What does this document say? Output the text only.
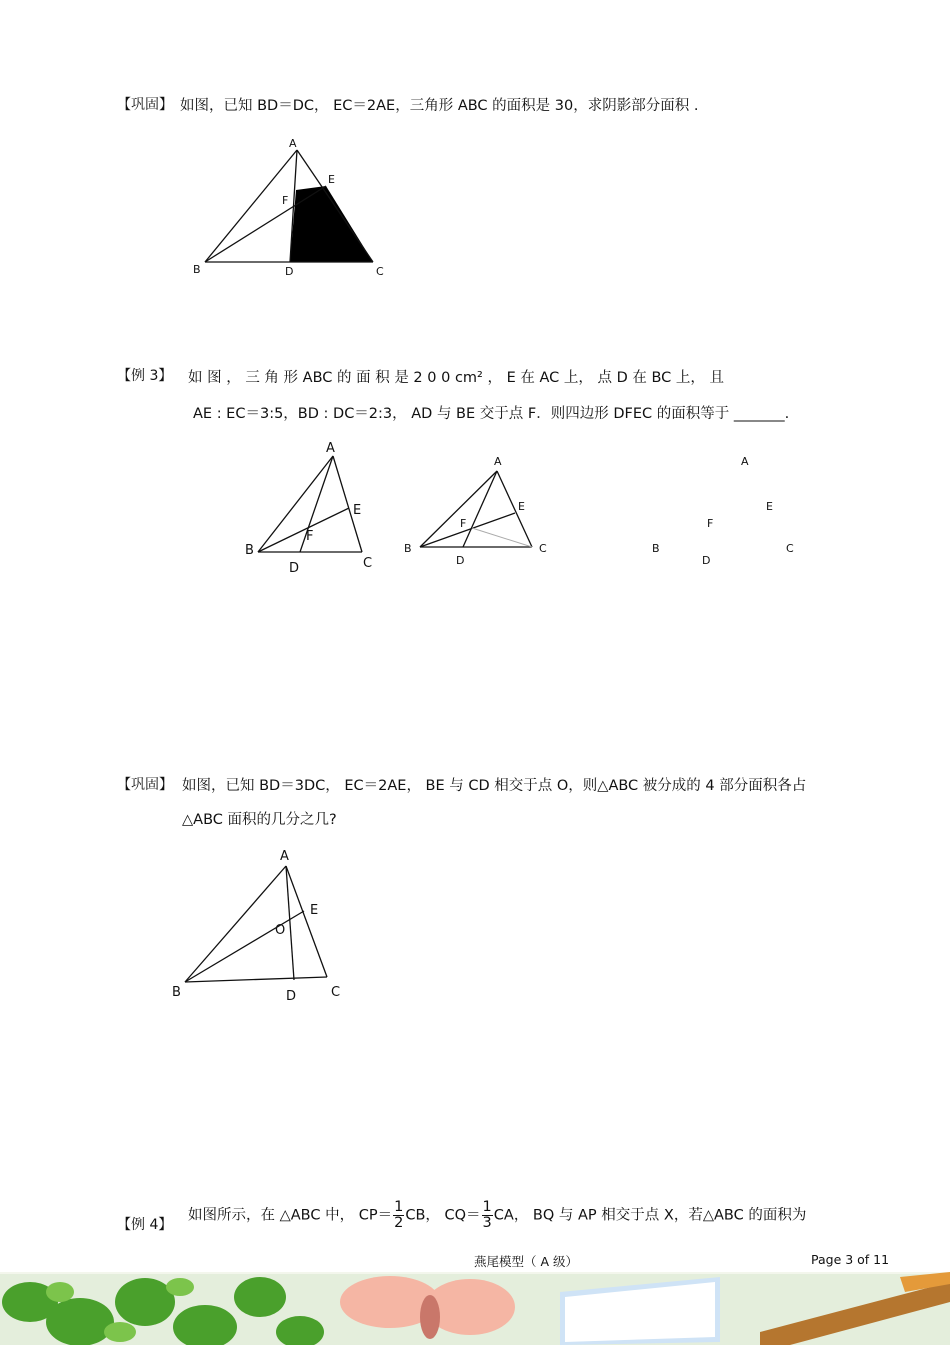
【巩固】 如图，已知 BD＝DC， EC＝2AE，三角形 ABC 的面积是 30，求阴影部分面积 .
A
E
F
B	D	C
【例 3】 如 图 ， 三 角 形 ABC 的 面 积 是 2 0 0 cm² ， E 在 AC 上， 点 D 在 BC 上， 且
AE : EC＝3:5，BD : DC＝2:3， AD 与 BE 交于点 F．则四边形 DFEC 的面积等于 _______.
A
E
F
B
C
D
A
E
F
B	C
D
A
E
F
B	C
D
【巩固】 如图，已知 BD＝3DC， EC＝2AE， BE 与 CD 相交于点 O，则△ABC 被分成的 4 部分面积各占
△ABC 面积的几分之几?
A
E
O
B	D	C
【例 4】
如图所示，在 △ABC 中， $CP= \frac{1}{2}$ CB， $CQ= \frac{1}{3}$ CA， BQ 与 AP 相交于点 X，若△ABC 的面积为
燕尾模型（ A 级）	Page 3 of 11
